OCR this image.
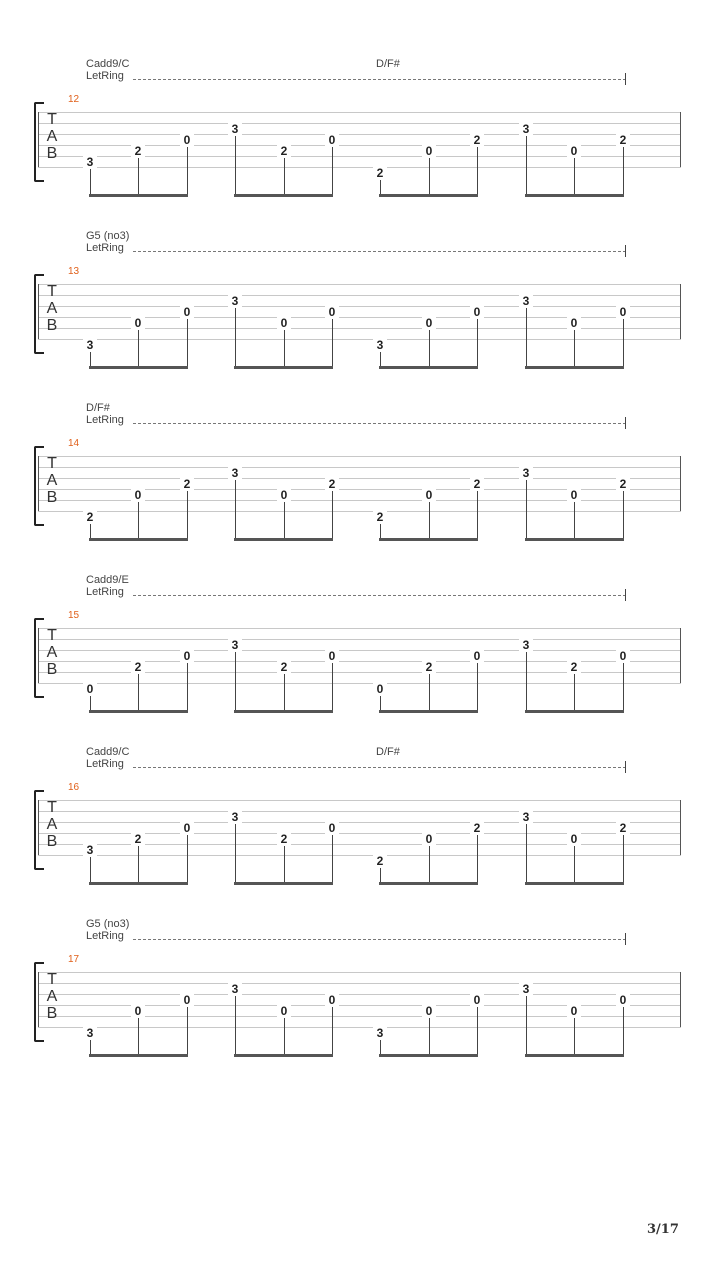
Cadd9/C	D/F#
LetRing
12
T
A
B	3
2
0
3
2
0
2
0
2
3
0
2
G5 (no3)
LetRing
13
T
A
B
3
0
0
3
0
0
3
0
0
3
0
0
D/F#
LetRing
14
T
A
B
2
0
2
3
0
2
2
0
2
3
0
2
Cadd9/E
LetRing
15
T
A
B
0
2
0
3
2
0
0
2
0
3
2
0
Cadd9/C	D/F#
LetRing
16
T
A
B	3
2
0
3
2
0
2
0
2
3
0
2
G5 (no3)
LetRing
17
T
A
B
3
0
0
3
0
0
3
0
0
3
0
0
3/17
